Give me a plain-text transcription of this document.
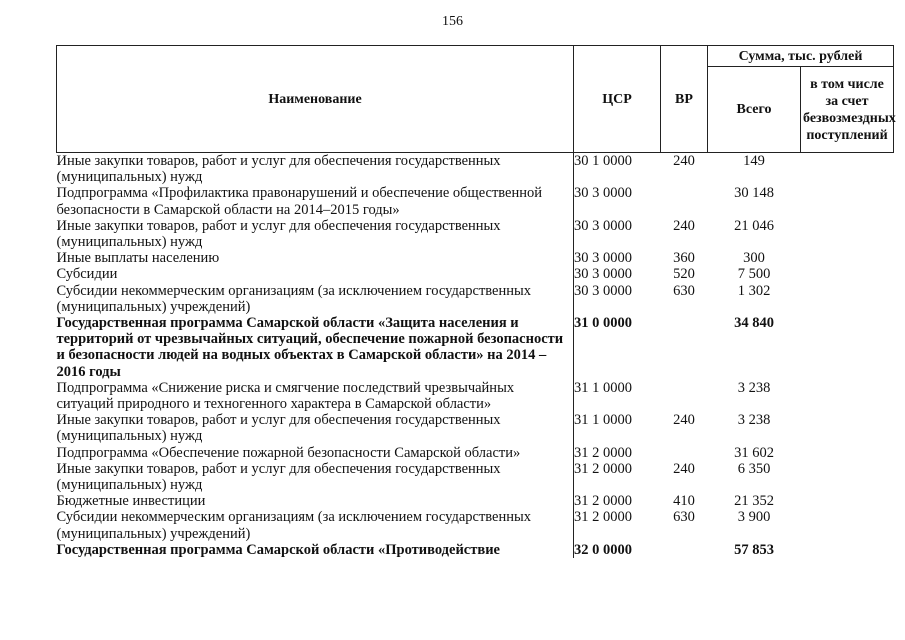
156
Наименование	ЦСР	ВР	Сумма, тыс. рублей	
			Всего	в том числе за счет безвозмездных поступлений
Иные закупки товаров, работ и услуг для обеспечения государственных (муниципальных) нужд	30 1 0000	240	149	
Подпрограмма «Профилактика правонарушений и обеспечение общественной безопасности в Самарской области на 2014–2015 годы»	30 3 0000		30 148	
Иные закупки товаров, работ и услуг для обеспечения государственных (муниципальных) нужд	30 3 0000	240	21 046	
Иные выплаты населению	30 3 0000	360	300	
Субсидии	30 3 0000	520	7 500	
Субсидии некоммерческим организациям (за исключением государственных (муниципальных) учреждений)	30 3 0000	630	1 302	
Государственная программа Самарской области «Защита населения и территорий от чрезвычайных ситуаций, обеспечение пожарной безопасности и безопасности людей на водных объектах в Самарской области» на 2014 – 2016 годы	31 0 0000		34 840	
Подпрограмма «Снижение риска и смягчение последствий чрезвычайных ситуаций природного и техногенного характера в Самарской области»	31 1 0000		3 238	
Иные закупки товаров, работ и услуг для обеспечения государственных (муниципальных) нужд	31 1 0000	240	3 238	
Подпрограмма «Обеспечение пожарной безопасности Самарской области»	31 2 0000		31 602	
Иные закупки товаров, работ и услуг для обеспечения государственных (муниципальных) нужд	31 2 0000	240	6 350	
Бюджетные инвестиции	31 2 0000	410	21 352	
Субсидии некоммерческим организациям (за исключением государственных (муниципальных) учреждений)	31 2 0000	630	3 900	
Государственная программа Самарской области «Противодействие	32 0 0000		57 853	
